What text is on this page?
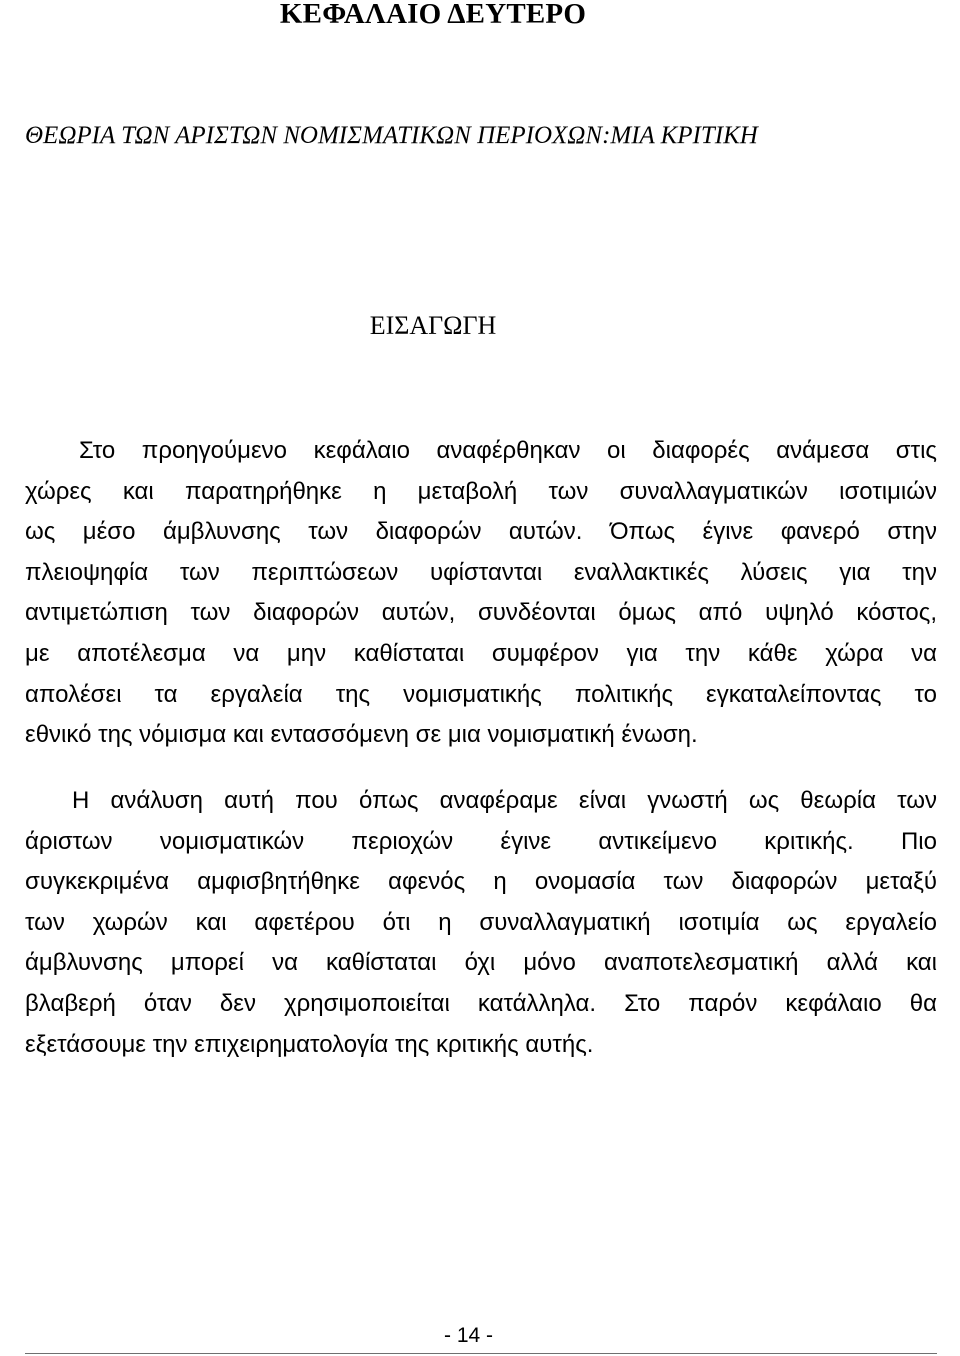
ΚΕΦΑΛΑΙΟ ΔΕΥΤΕΡΟ
ΘΕΩΡΙΑ ΤΩΝ ΑΡΙΣΤΩΝ ΝΟΜΙΣΜΑΤΙΚΩΝ ΠΕΡΙΟΧΩΝ:ΜΙΑ ΚΡΙΤΙΚΗ
ΕΙΣΑΓΩΓΗ
Στο προηγούμενο κεφάλαιο αναφέρθηκαν οι διαφορές ανάμεσα στις
χώρες και παρατηρήθηκε η μεταβολή των συναλλαγματικών ισοτιμιών
ως μέσο άμβλυνσης των διαφορών αυτών. Όπως έγινε φανερό στην
πλειοψηφία των περιπτώσεων υφίστανται εναλλακτικές λύσεις για την
αντιμετώπιση των διαφορών αυτών, συνδέονται όμως από υψηλό κόστος,
με αποτέλεσμα να μην καθίσταται συμφέρον για την κάθε χώρα να
απολέσει τα εργαλεία της νομισματικής πολιτικής εγκαταλείποντας το
εθνικό της νόμισμα και εντασσόμενη σε μια νομισματική ένωση.
Η ανάλυση αυτή που όπως αναφέραμε είναι γνωστή ως θεωρία των
άριστων νομισματικών περιοχών έγινε αντικείμενο κριτικής. Πιο
συγκεκριμένα αμφισβητήθηκε αφενός η ονομασία των διαφορών μεταξύ
των χωρών και αφετέρου ότι η συναλλαγματική ισοτιμία ως εργαλείο
άμβλυνσης μπορεί να καθίσταται όχι μόνο αναποτελεσματική αλλά και
βλαβερή όταν δεν χρησιμοποιείται κατάλληλα. Στο παρόν κεφάλαιο θα
εξετάσουμε την επιχειρηματολογία της κριτικής αυτής.
- 14 -
